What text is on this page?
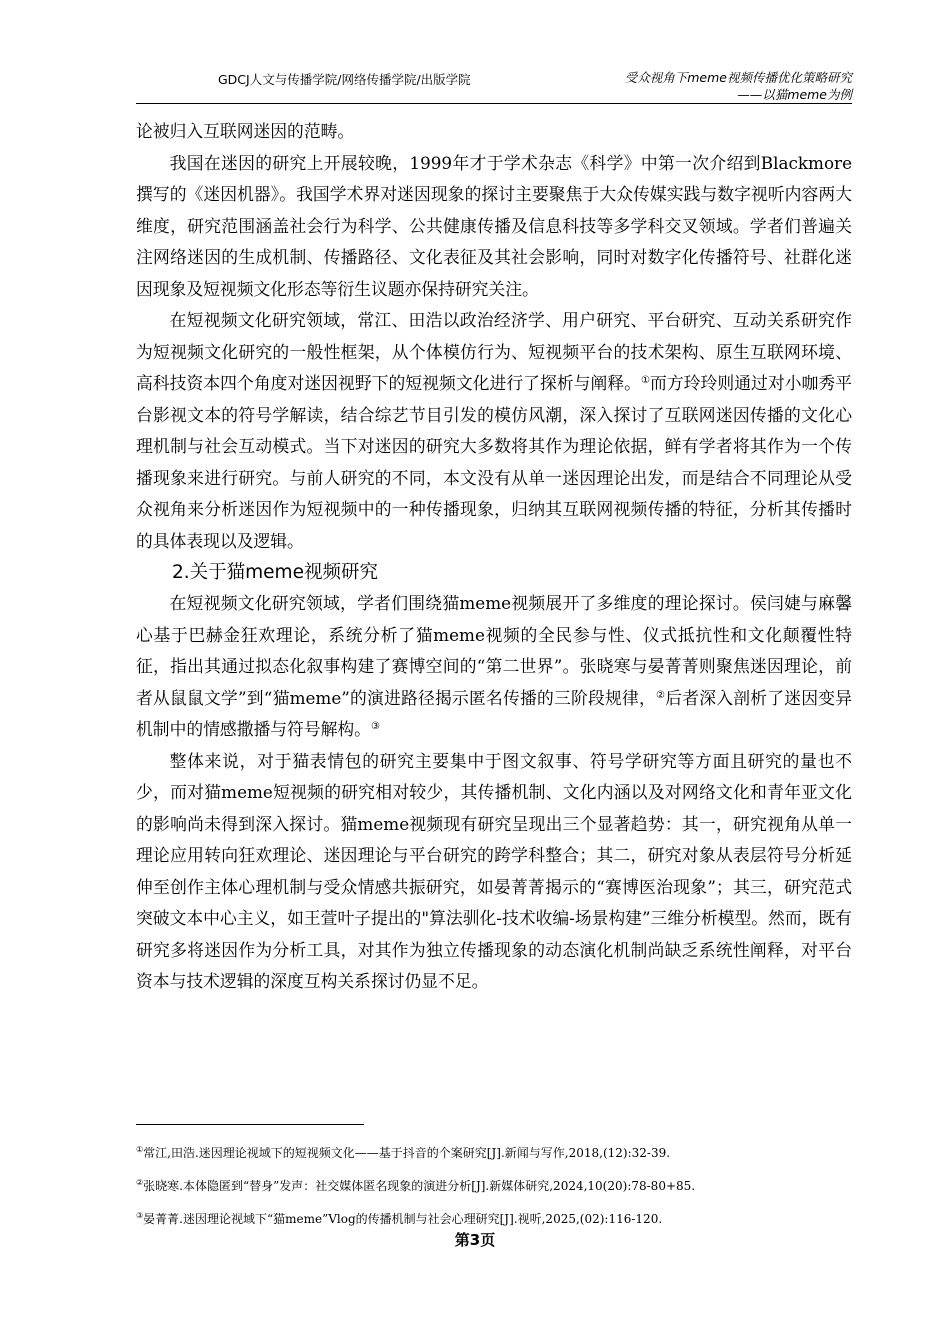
GDCJ人文与传播学院/网络传播学院/出版学院	受众视角下meme视频传播优化策略研究
——以猫meme为例

论被归入互联网迷因的范畴。

我国在迷因的研究上开展较晚，1999年才于学术杂志《科学》中第一次介绍到Blackmore撰写的《迷因机器》。我国学术界对迷因现象的探讨主要聚焦于大众传媒实践与数字视听内容两大维度，研究范围涵盖社会行为科学、公共健康传播及信息科技等多学科交叉领域。学者们普遍关注网络迷因的生成机制、传播路径、文化表征及其社会影响，同时对数字化传播符号、社群化迷因现象及短视频文化形态等衍生议题亦保持研究关注。

在短视频文化研究领域，常江、田浩以政治经济学、用户研究、平台研究、互动关系研究作为短视频文化研究的一般性框架，从个体模仿行为、短视频平台的技术架构、原生互联网环境、高科技资本四个角度对迷因视野下的短视频文化进行了探析与阐释。①而方玲玲则通过对小咖秀平台影视文本的符号学解读，结合综艺节目引发的模仿风潮，深入探讨了互联网迷因传播的文化心理机制与社会互动模式。当下对迷因的研究大多数将其作为理论依据，鲜有学者将其作为一个传播现象来进行研究。与前人研究的不同，本文没有从单一迷因理论出发，而是结合不同理论从受众视角来分析迷因作为短视频中的一种传播现象，归纳其互联网视频传播的特征，分析其传播时的具体表现以及逻辑。

2.关于猫meme视频研究

在短视频文化研究领域，学者们围绕猫meme视频展开了多维度的理论探讨。侯闫婕与麻馨心基于巴赫金狂欢理论，系统分析了猫meme视频的全民参与性、仪式抵抗性和文化颠覆性特征，指出其通过拟态化叙事构建了赛博空间的“第二世界”。张晓寒与晏菁菁则聚焦迷因理论，前者从鼠鼠文学”到“猫meme”的演进路径揭示匿名传播的三阶段规律，②后者深入剖析了迷因变异机制中的情感撒播与符号解构。③

整体来说，对于猫表情包的研究主要集中于图文叙事、符号学研究等方面且研究的量也不少，而对猫meme短视频的研究相对较少，其传播机制、文化内涵以及对网络文化和青年亚文化的影响尚未得到深入探讨。猫meme视频现有研究呈现出三个显著趋势：其一，研究视角从单一理论应用转向狂欢理论、迷因理论与平台研究的跨学科整合；其二，研究对象从表层符号分析延伸至创作主体心理机制与受众情感共振研究，如晏菁菁揭示的“赛博医治现象”；其三，研究范式突破文本中心主义，如王萱叶子提出的"算法驯化-技术收编-场景构建”三维分析模型。然而，既有研究多将迷因作为分析工具，对其作为独立传播现象的动态演化机制尚缺乏系统性阐释，对平台资本与技术逻辑的深度互构关系探讨仍显不足。

①常江,田浩.迷因理论视域下的短视频文化——基于抖音的个案研究[J].新闻与写作,2018,(12):32-39.
②张晓寒.本体隐匿到“替身”发声：社交媒体匿名现象的演进分析[J].新媒体研究,2024,10(20):78-80+85.
③晏菁菁.迷因理论视域下“猫meme”Vlog的传播机制与社会心理研究[J].视听,2025,(02):116-120.
第3页
